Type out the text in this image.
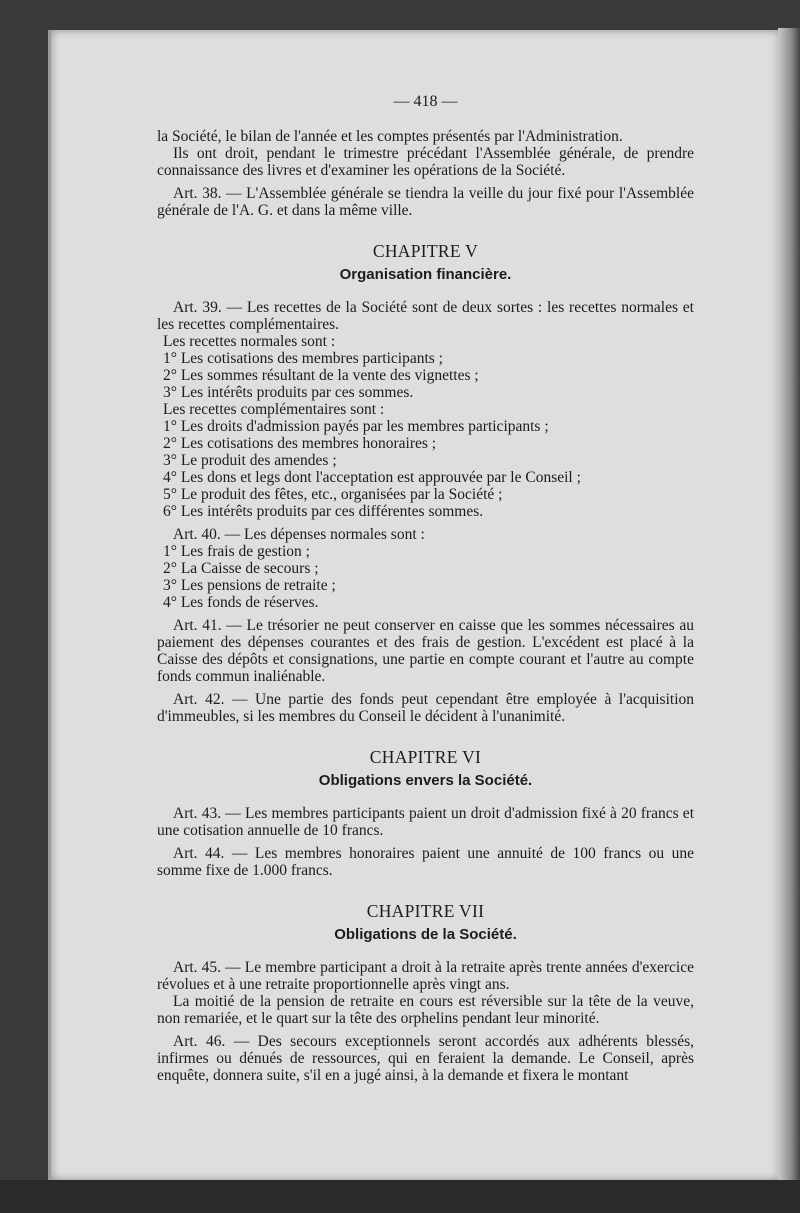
— 418 —

la Société, le bilan de l'année et les comptes présentés par l'Administration.

Ils ont droit, pendant le trimestre précédant l'Assemblée générale, de prendre connaissance des livres et d'examiner les opérations de la Société.

Art. 38. — L'Assemblée générale se tiendra la veille du jour fixé pour l'Assemblée générale de l'A. G. et dans la même ville.

CHAPITRE V
Organisation financière.

Art. 39. — Les recettes de la Société sont de deux sortes : les recettes normales et les recettes complémentaires.

Les recettes normales sont :

1° Les cotisations des membres participants ;

2° Les sommes résultant de la vente des vignettes ;

3° Les intérêts produits par ces sommes.

Les recettes complémentaires sont :

1° Les droits d'admission payés par les membres participants ;

2° Les cotisations des membres honoraires ;

3° Le produit des amendes ;

4° Les dons et legs dont l'acceptation est approuvée par le Conseil ;

5° Le produit des fêtes, etc., organisées par la Société ;

6° Les intérêts produits par ces différentes sommes.

Art. 40. — Les dépenses normales sont :

1° Les frais de gestion ;

2° La Caisse de secours ;

3° Les pensions de retraite ;

4° Les fonds de réserves.

Art. 41. — Le trésorier ne peut conserver en caisse que les sommes nécessaires au paiement des dépenses courantes et des frais de gestion. L'excédent est placé à la Caisse des dépôts et consignations, une partie en compte courant et l'autre au compte fonds commun inaliénable.

Art. 42. — Une partie des fonds peut cependant être employée à l'acquisition d'immeubles, si les membres du Conseil le décident à l'unanimité.

CHAPITRE VI
Obligations envers la Société.

Art. 43. — Les membres participants paient un droit d'admission fixé à 20 francs et une cotisation annuelle de 10 francs.

Art. 44. — Les membres honoraires paient une annuité de 100 francs ou une somme fixe de 1.000 francs.

CHAPITRE VII
Obligations de la Société.

Art. 45. — Le membre participant a droit à la retraite après trente années d'exercice révolues et à une retraite proportionnelle après vingt ans.

La moitié de la pension de retraite en cours est réversible sur la tête de la veuve, non remariée, et le quart sur la tête des orphelins pendant leur minorité.

Art. 46. — Des secours exceptionnels seront accordés aux adhérents blessés, infirmes ou dénués de ressources, qui en feraient la demande. Le Conseil, après enquête, donnera suite, s'il en a jugé ainsi, à la demande et fixera le montant
